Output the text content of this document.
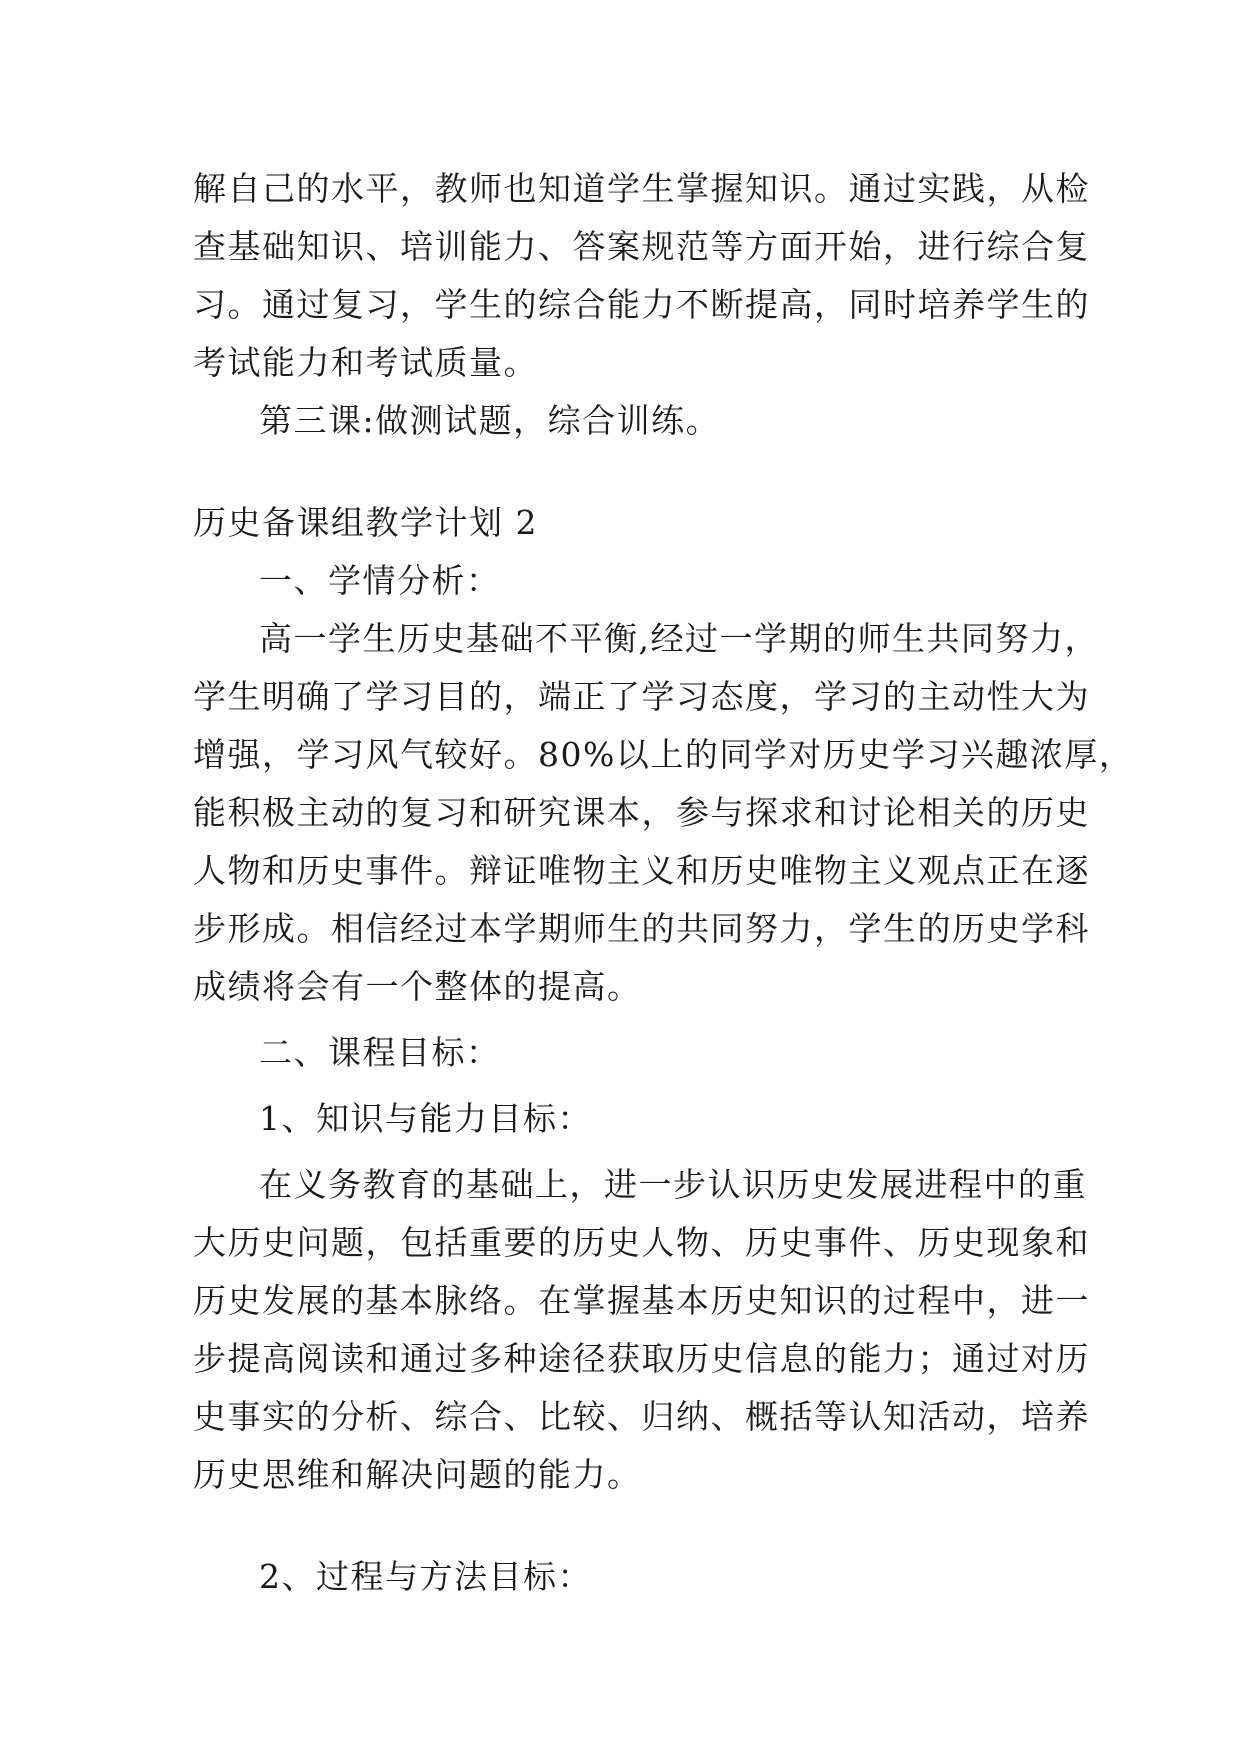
解自己的水平，教师也知道学生掌握知识。通过实践，从检
查基础知识、培训能力、答案规范等方面开始，进行综合复
习。通过复习，学生的综合能力不断提高，同时培养学生的
考试能力和考试质量。
第三课:做测试题，综合训练。
历史备课组教学计划 2
一、学情分析：
高一学生历史基础不平衡,经过一学期的师生共同努力，
学生明确了学习目的，端正了学习态度，学习的主动性大为
增强，学习风气较好。80%以上的同学对历史学习兴趣浓厚，
能积极主动的复习和研究课本，参与探求和讨论相关的历史
人物和历史事件。辩证唯物主义和历史唯物主义观点正在逐
步形成。相信经过本学期师生的共同努力，学生的历史学科
成绩将会有一个整体的提高。
二、课程目标：
1、知识与能力目标：
在义务教育的基础上，进一步认识历史发展进程中的重
大历史问题，包括重要的历史人物、历史事件、历史现象和
历史发展的基本脉络。在掌握基本历史知识的过程中，进一
步提高阅读和通过多种途径获取历史信息的能力；通过对历
史事实的分析、综合、比较、归纳、概括等认知活动，培养
历史思维和解决问题的能力。
2、过程与方法目标：
